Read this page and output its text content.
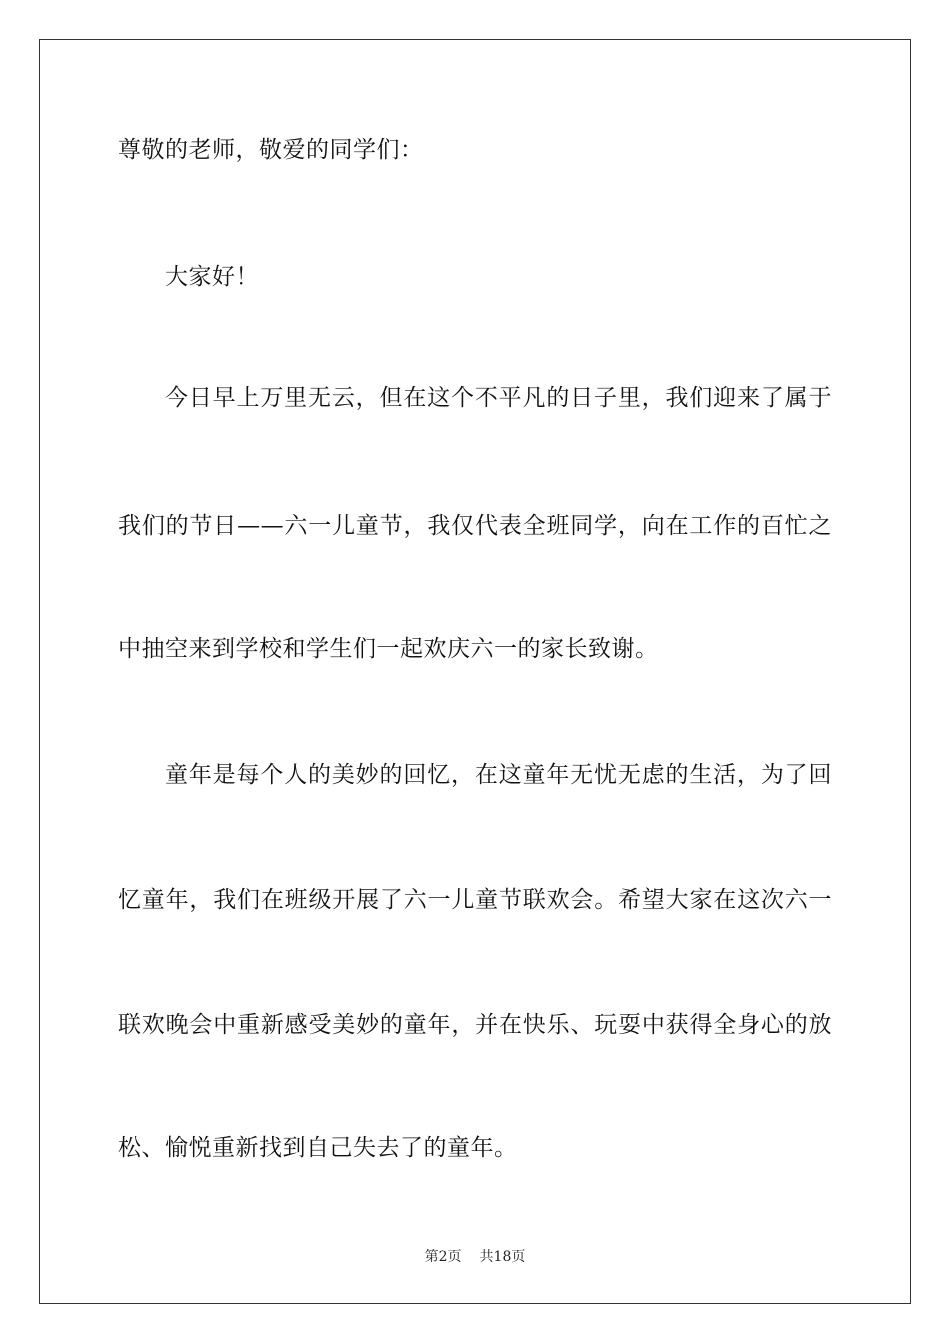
尊敬的老师，敬爱的同学们：
大家好！
今日早上万里无云，但在这个不平凡的日子里，我们迎来了属于
我们的节日——六一儿童节，我仅代表全班同学，向在工作的百忙之
中抽空来到学校和学生们一起欢庆六一的家长致谢。
童年是每个人的美妙的回忆，在这童年无忧无虑的生活，为了回
忆童年，我们在班级开展了六一儿童节联欢会。希望大家在这次六一
联欢晚会中重新感受美妙的童年，并在快乐、玩耍中获得全身心的放
松、愉悦重新找到自己失去了的童年。
第2页 共18页
